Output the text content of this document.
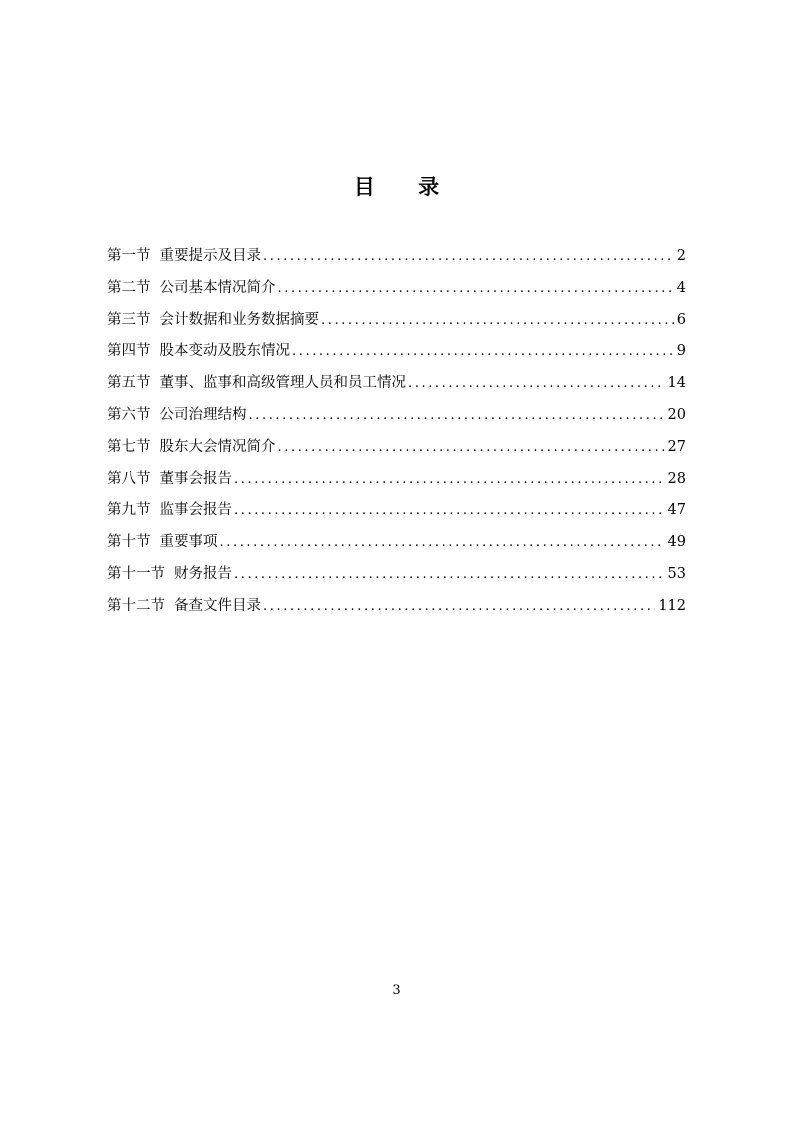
目 录
第一节 重要提示及目录 .....	2
第二节 公司基本情况简介 .....	4
第三节 会计数据和业务数据摘要 .....	6
第四节 股本变动及股东情况 .....	9
第五节 董事、监事和高级管理人员和员工情况 .....	14
第六节 公司治理结构 .....	20
第七节 股东大会情况简介 .....	27
第八节 董事会报告 .....	28
第九节 监事会报告 .....	47
第十节 重要事项 .....	49
第十一节 财务报告 .....	53
第十二节 备查文件目录 .....	112
3
